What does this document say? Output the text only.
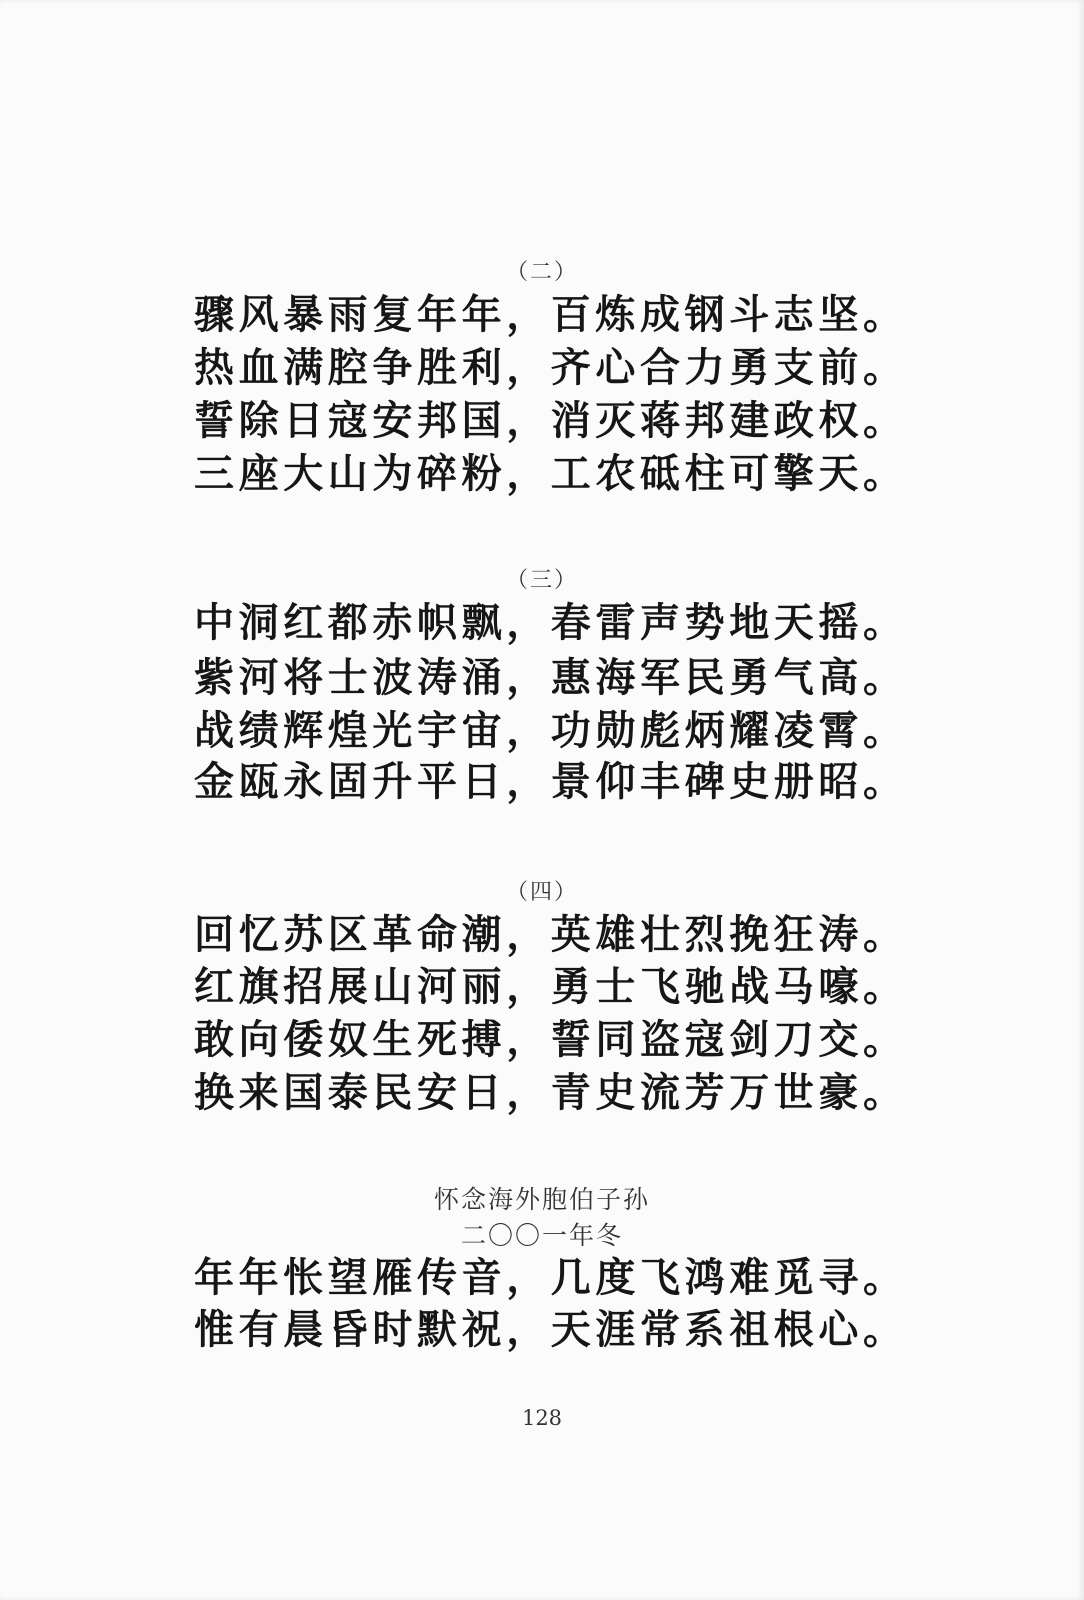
（二）
骤风暴雨复年年，百炼成钢斗志坚。
热血满腔争胜利，齐心合力勇支前。
誓除日寇安邦国，消灭蒋邦建政权。
三座大山为碎粉，工农砥柱可擎天。
（三）
中洞红都赤帜飘，春雷声势地天摇。
紫河将士波涛涌，惠海军民勇气高。
战绩辉煌光宇宙，功勋彪炳耀凌霄。
金瓯永固升平日，景仰丰碑史册昭。
（四）
回忆苏区革命潮，英雄壮烈挽狂涛。
红旗招展山河丽，勇士飞驰战马嚎。
敢向倭奴生死搏，誓同盗寇剑刀交。
换来国泰民安日，青史流芳万世豪。
怀念海外胞伯子孙
二〇〇一年冬
年年怅望雁传音，几度飞鸿难觅寻。
惟有晨昏时默祝，天涯常系祖根心。
128
